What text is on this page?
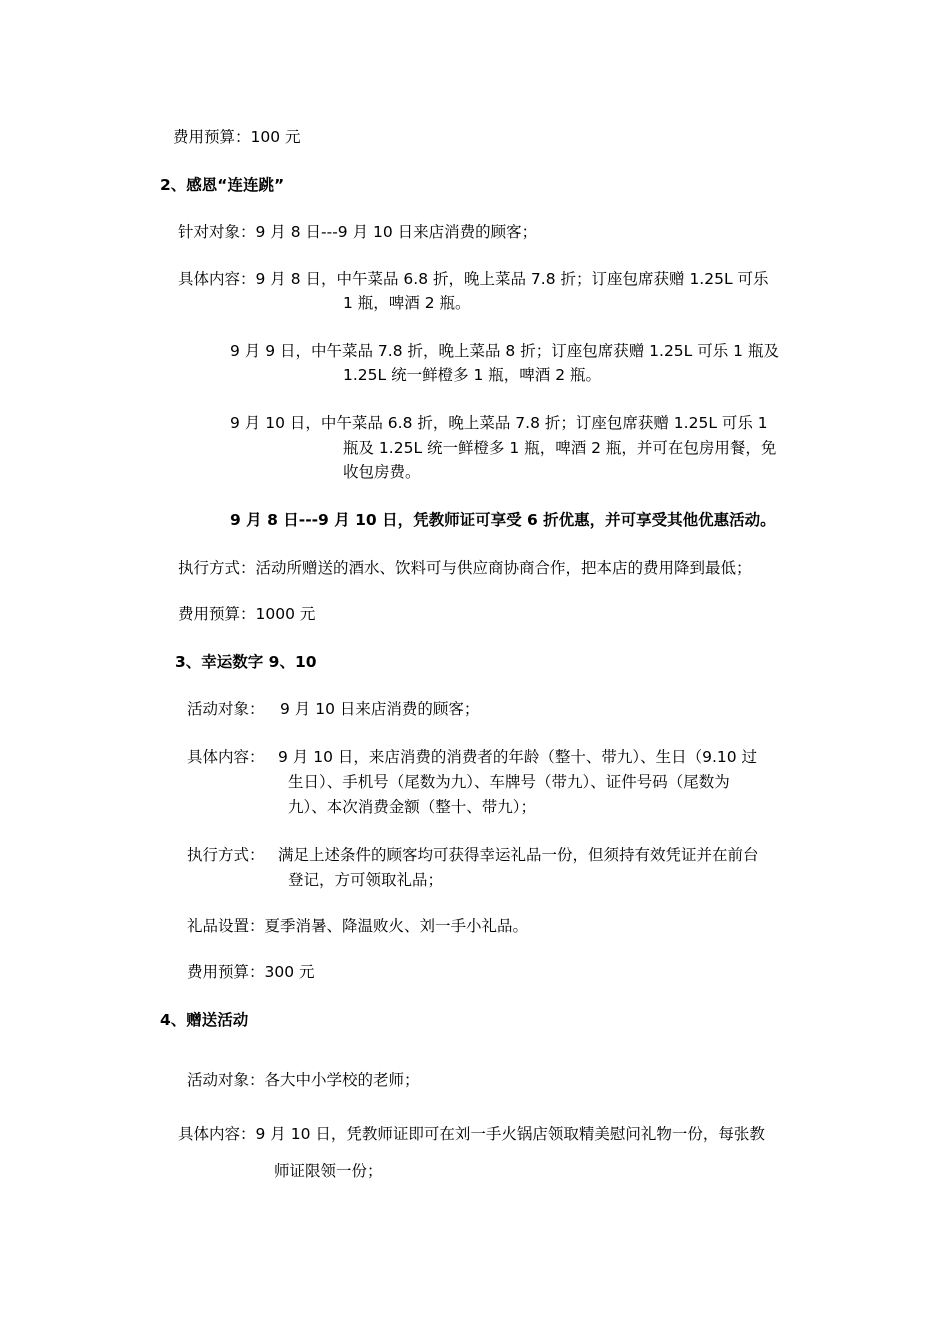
费用预算：100 元
2、感恩“连连跳”
针对对象：9 月 8 日---9 月 10 日来店消费的顾客；
具体内容：9 月 8 日，中午菜品 6.8 折，晚上菜品 7.8 折；订座包席获赠 1.25L 可乐
1 瓶，啤酒 2 瓶。
9 月 9 日，中午菜品 7.8 折，晚上菜品 8 折；订座包席获赠 1.25L 可乐 1 瓶及
1.25L 统一鲜橙多 1 瓶，啤酒 2 瓶。
9 月 10 日，中午菜品 6.8 折，晚上菜品 7.8 折；订座包席获赠 1.25L 可乐 1
瓶及 1.25L 统一鲜橙多 1 瓶，啤酒 2 瓶，并可在包房用餐，免
收包房费。
9 月 8 日---9 月 10 日，凭教师证可享受 6 折优惠，并可享受其他优惠活动。
执行方式：活动所赠送的酒水、饮料可与供应商协商合作，把本店的费用降到最低；
费用预算：1000 元
3、幸运数字 9、10
活动对象： 9 月 10 日来店消费的顾客；
具体内容： 9 月 10 日，来店消费的消费者的年龄（整十、带九）、生日（9.10 过
生日）、手机号（尾数为九）、车牌号（带九）、证件号码（尾数为
九）、本次消费金额（整十、带九）；
执行方式： 满足上述条件的顾客均可获得幸运礼品一份，但须持有效凭证并在前台
登记，方可领取礼品；
礼品设置：夏季消暑、降温败火、刘一手小礼品。
费用预算：300 元
4、赠送活动
活动对象：各大中小学校的老师；
具体内容：9 月 10 日，凭教师证即可在刘一手火锅店领取精美慰问礼物一份，每张教
师证限领一份；
